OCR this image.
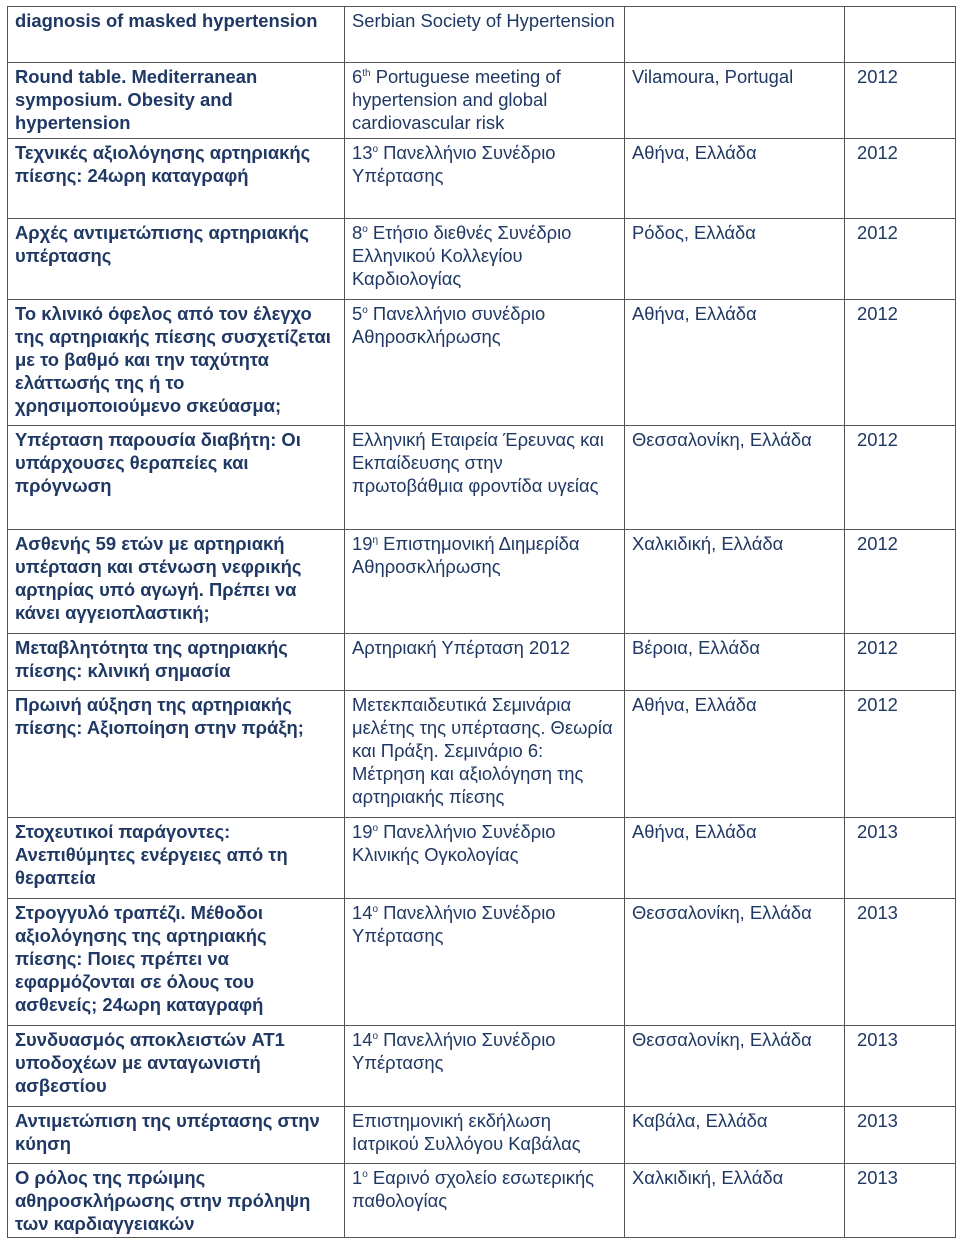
diagnosis of masked hypertension	Serbian Society of Hypertension		
Round table. Mediterranean symposium. Obesity and hypertension	6th Portuguese meeting of hypertension and global cardiovascular risk	Vilamoura, Portugal	2012
Τεχνικές αξιολόγησης αρτηριακής πίεσης: 24ωρη καταγραφή	$13^o$ Πανελλήνιο Συνέδριο Υπέρτασης	Αθήνα, Ελλάδα	2012
Αρχές αντιμετώπισης αρτηριακής υπέρτασης	$8^o$ Ετήσιο διεθνές Συνέδριο Ελληνικού Κολλεγίου Καρδιολογίας	Ρόδος, Ελλάδα	2012
Το κλινικό όφελος από τον έλεγχο της αρτηριακής πίεσης συσχετίζεται με το βαθμό και την ταχύτητα ελάττωσής της ή το χρησιμοποιούμενο σκεύασμα;	$5^o$ Πανελλήνιο συνέδριο Αθηροσκλήρωσης	Αθήνα, Ελλάδα	2012
Υπέρταση παρουσία διαβήτη: Οι υπάρχουσες θεραπείες και πρόγνωση	Ελληνική Εταιρεία Έρευνας και Εκπαίδευσης στην πρωτοβάθμια φροντίδα υγείας	Θεσσαλονίκη, Ελλάδα	2012
Ασθενής 59 ετών με αρτηριακή υπέρταση και στένωση νεφρικής αρτηρίας υπό αγωγή. Πρέπει να κάνει αγγειοπλαστική;	$19^\eta$ Επιστημονική Διημερίδα Αθηροσκλήρωσης	Χαλκιδική, Ελλάδα	2012
Μεταβλητότητα της αρτηριακής πίεσης: κλινική σημασία	Αρτηριακή Υπέρταση 2012	Βέροια, Ελλάδα	2012
Πρωινή αύξηση της αρτηριακής πίεσης: Αξιοποίηση στην πράξη;	Μετεκπαιδευτικά Σεμινάρια μελέτης της υπέρτασης. Θεωρία και Πράξη. Σεμινάριο 6: Μέτρηση και αξιολόγηση της αρτηριακής πίεσης	Αθήνα, Ελλάδα	2012
Στοχευτικοί παράγοντες: Ανεπιθύμητες ενέργειες από τη θεραπεία	$19^o$ Πανελλήνιο Συνέδριο Κλινικής Ογκολογίας	Αθήνα, Ελλάδα	2013
Στρογγυλό τραπέζι. Μέθοδοι αξιολόγησης της αρτηριακής πίεσης: Ποιες πρέπει να εφαρμόζονται σε όλους του ασθενείς; 24ωρη καταγραφή	$14^o$ Πανελλήνιο Συνέδριο Υπέρτασης	Θεσσαλονίκη, Ελλάδα	2013
Συνδυασμός αποκλειστών AT1 υποδοχέων με ανταγωνιστή ασβεστίου	$14^o$ Πανελλήνιο Συνέδριο Υπέρτασης	Θεσσαλονίκη, Ελλάδα	2013
Αντιμετώπιση της υπέρτασης στην κύηση	Επιστημονική εκδήλωση Ιατρικού Συλλόγου Καβάλας	Καβάλα, Ελλάδα	2013
Ο ρόλος της πρώιμης αθηροσκλήρωσης στην πρόληψη των καρδιαγγειακών	$1^o$ Εαρινό σχολείο εσωτερικής παθολογίας	Χαλκιδική, Ελλάδα	2013
